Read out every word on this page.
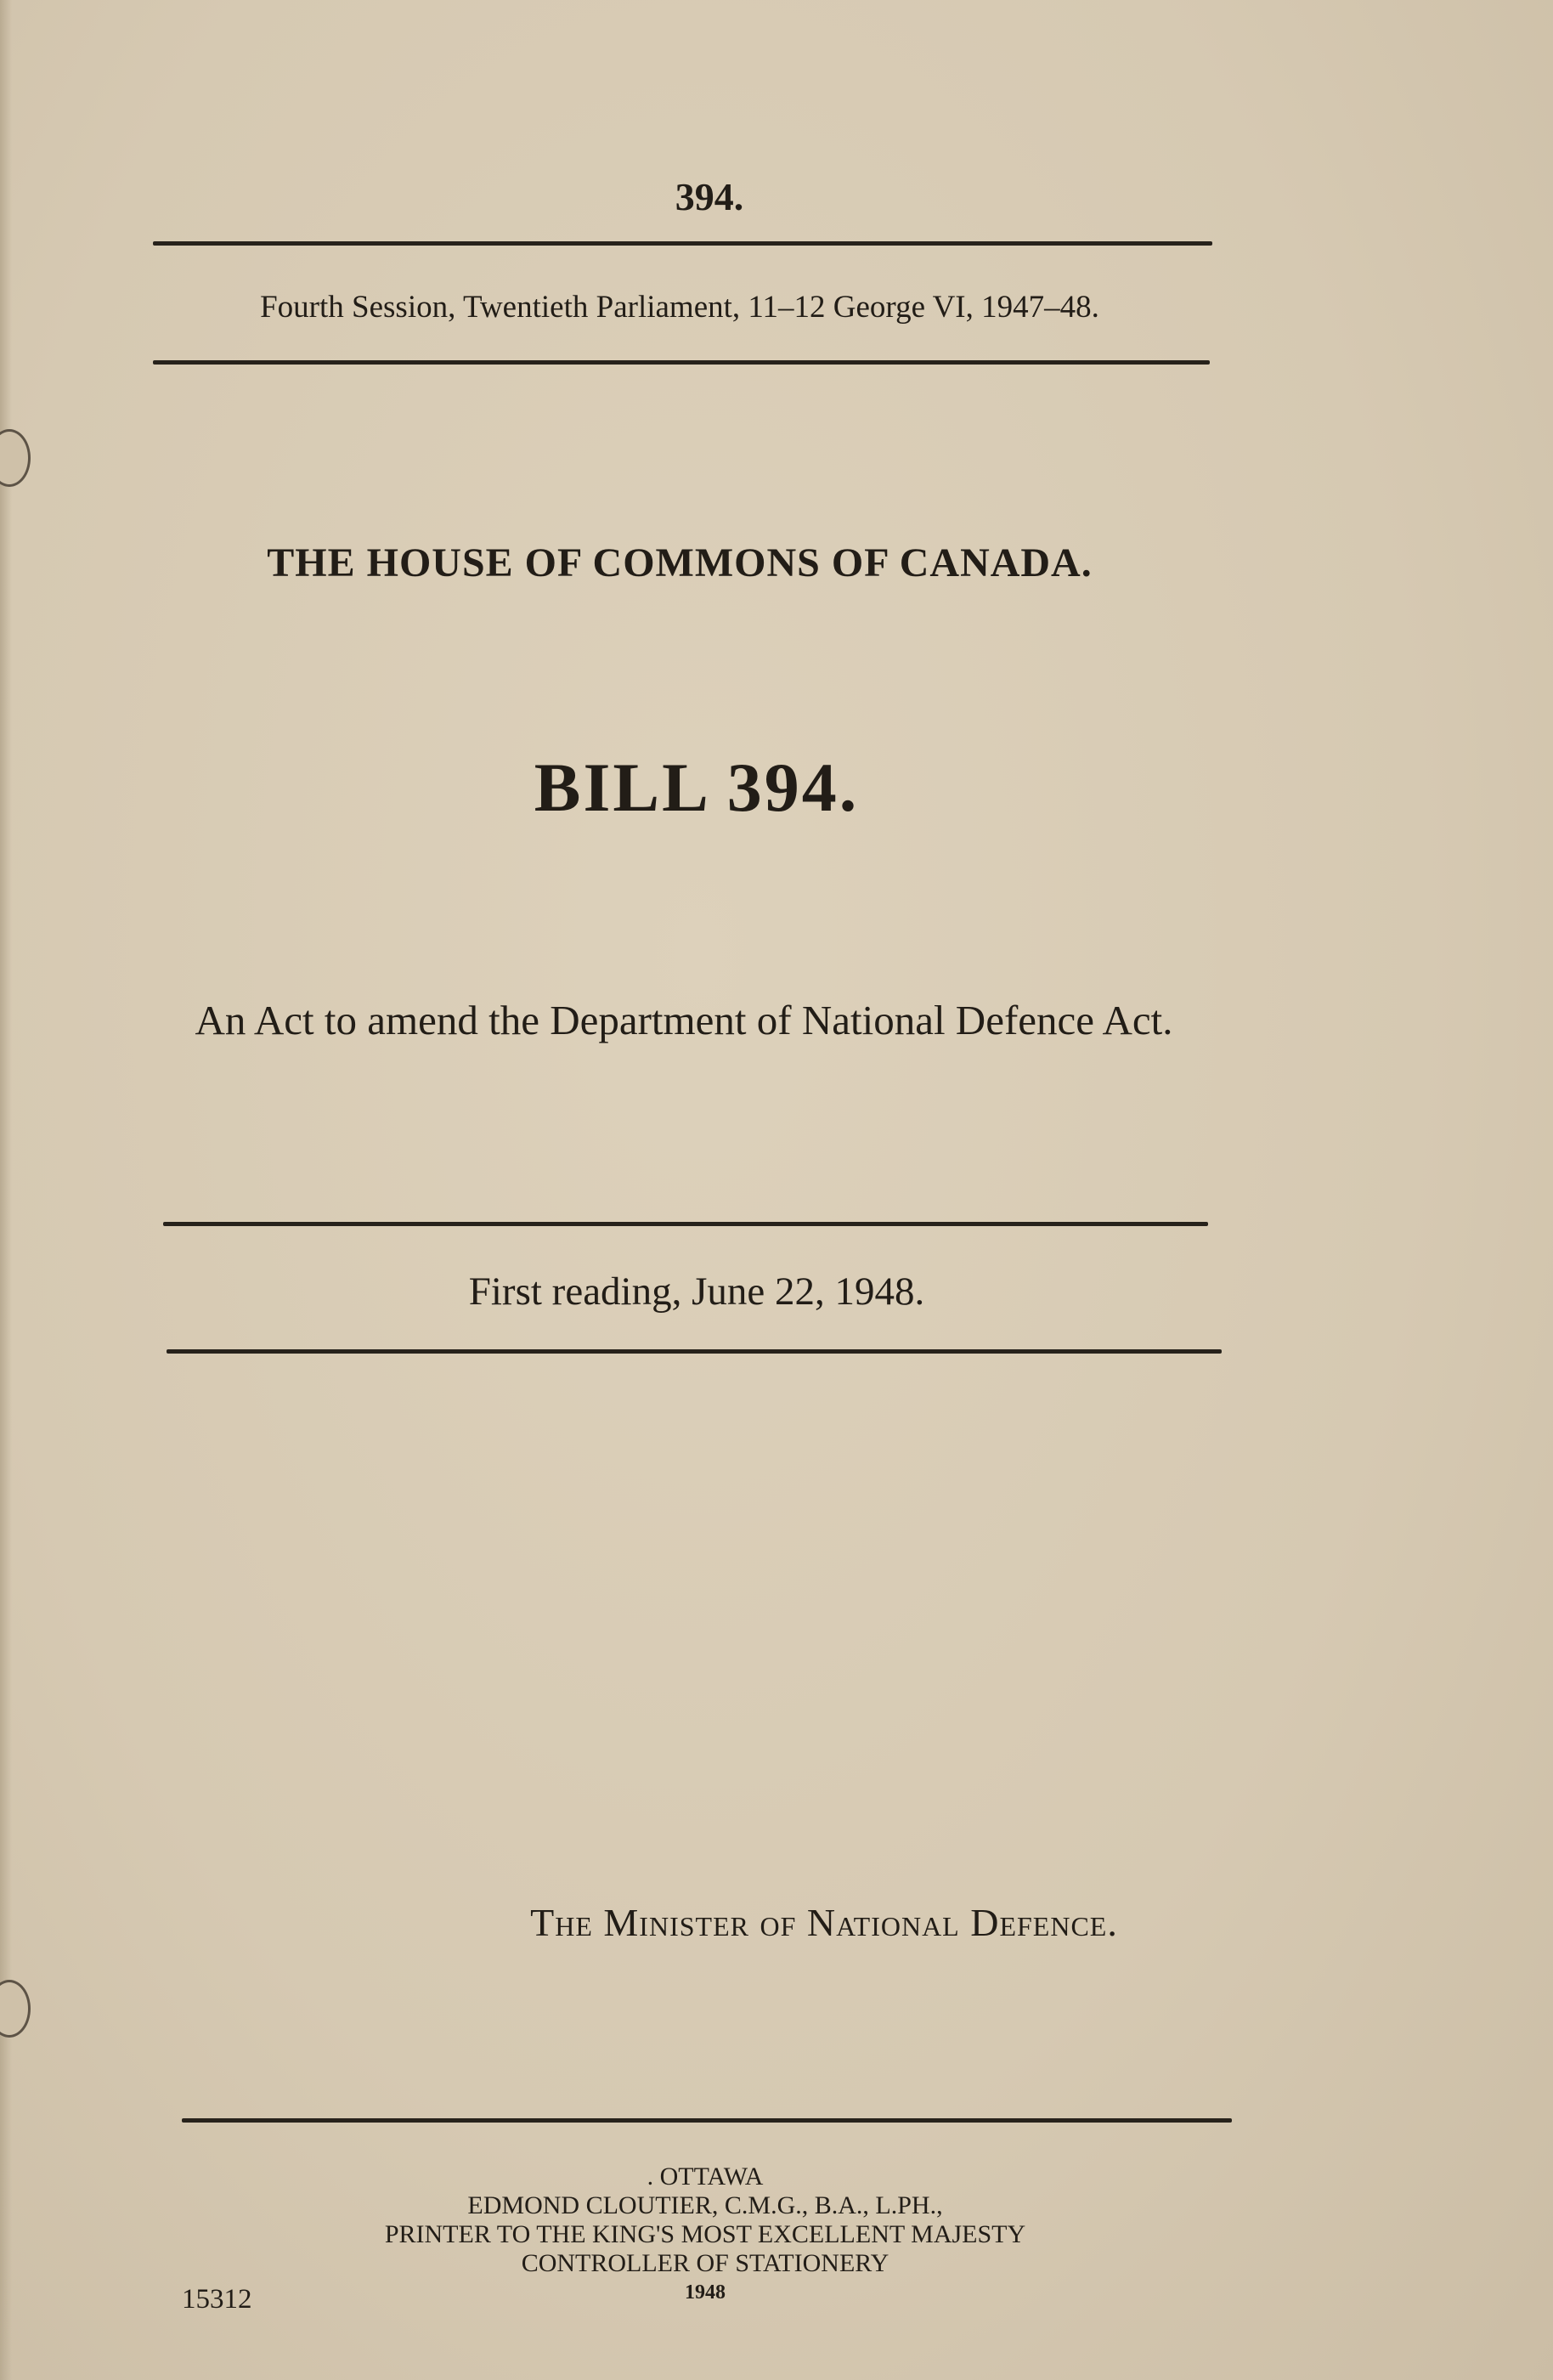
394.
Fourth Session, Twentieth Parliament, 11–12 George VI, 1947–48.
THE HOUSE OF COMMONS OF CANADA.
BILL 394.
An Act to amend the Department of National Defence Act.
First reading, June 22, 1948.
The Minister of National Defence.
. OTTAWA
EDMOND CLOUTIER, C.M.G., B.A., L.PH.,
PRINTER TO THE KING'S MOST EXCELLENT MAJESTY
CONTROLLER OF STATIONERY
1948
15312
